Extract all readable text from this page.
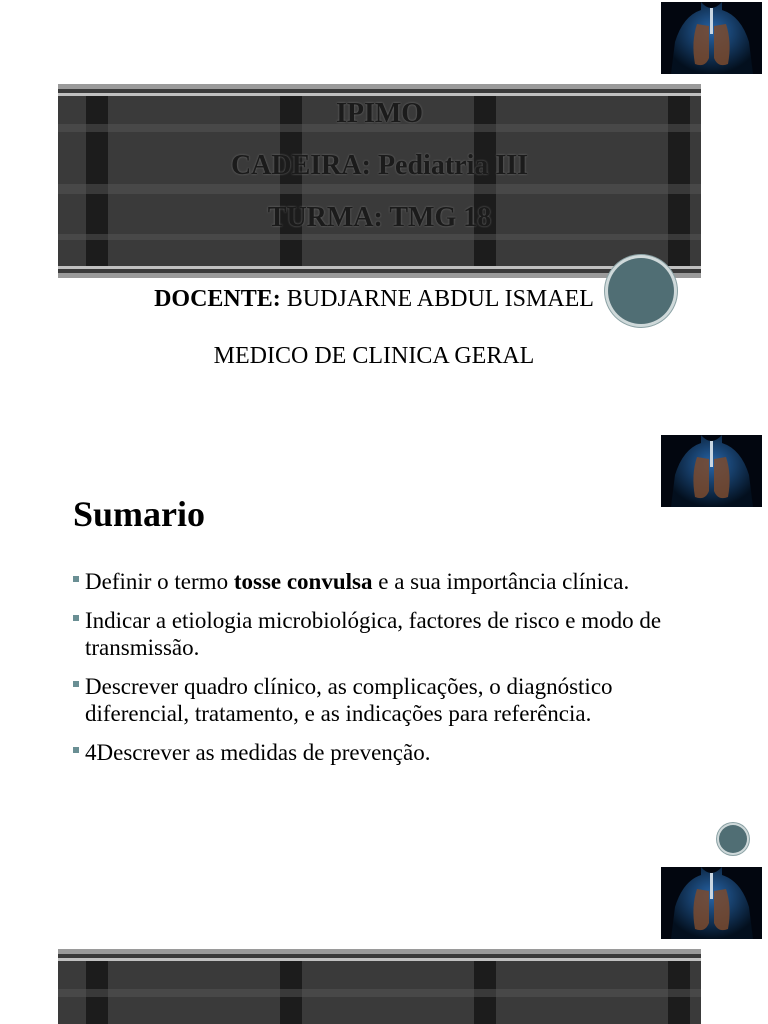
IPIMO
CADEIRA: Pediatria III
TURMA: TMG 18
DOCENTE: BUDJARNE ABDUL ISMAEL
MEDICO DE CLINICA GERAL
Sumario
Definir o termo tosse convulsa e a sua importância clínica.
Indicar a etiologia microbiológica, factores de risco e modo de transmissão.
Descrever quadro clínico, as complicações, o diagnóstico diferencial, tratamento, e as indicações para referência.
4Descrever as medidas de prevenção.
